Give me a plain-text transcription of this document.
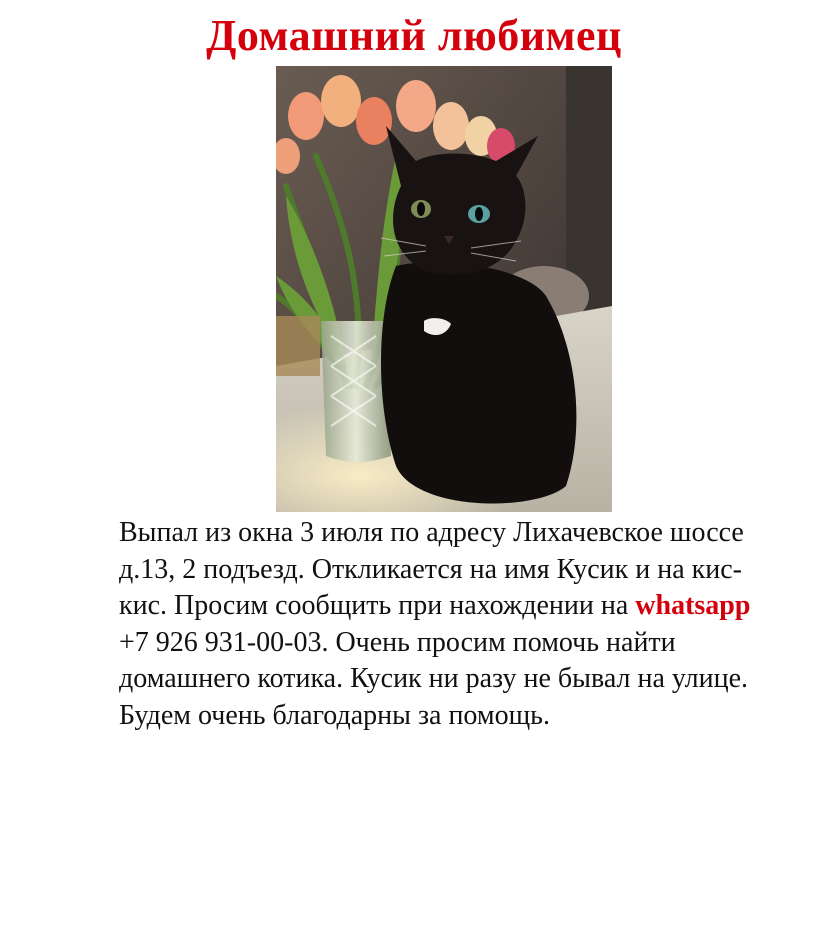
Домашний любимец
Выпал из окна 3 июля по адресу Лихачевское шоссе д.13, 2 подъезд. Откликается на имя Кусик и на кис-кис. Просим сообщить при нахождении на whatsapp +7 926 931-00-03. Очень просим помочь найти домашнего котика. Кусик ни разу не бывал на улице. Будем очень благодарны за помощь.
